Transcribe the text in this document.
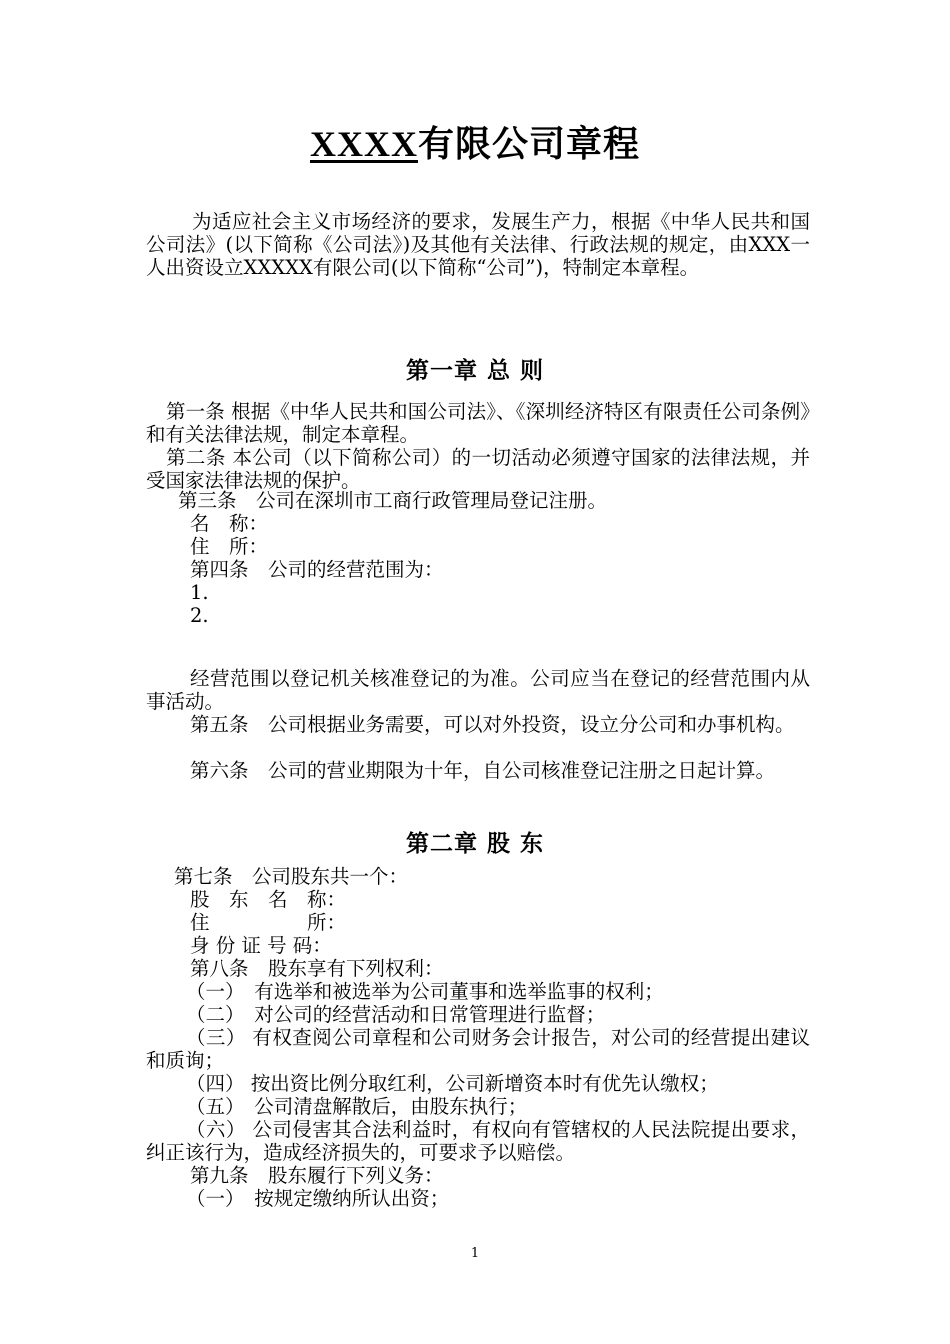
XXXX有限公司章程

为适应社会主义市场经济的要求，发展生产力，根据《中华人民共和国公司法》(以下简称《公司法》)及其他有关法律、行政法规的规定，由XXX一人出资设立XXXXX有限公司(以下简称“公司”)，特制定本章程。

第一章 总 则

第一条 根据《中华人民共和国公司法》、《深圳经济特区有限责任公司条例》和有关法律法规，制定本章程。

第二条 本公司（以下简称公司）的一切活动必须遵守国家的法律法规，并受国家法律法规的保护。

第三条　公司在深圳市工商行政管理局登记注册。

名　称：

住　所：

第四条　公司的经营范围为：

1.

2.

经营范围以登记机关核准登记的为准。公司应当在登记的经营范围内从事活动。

第五条　公司根据业务需要，可以对外投资，设立分公司和办事机构。

第六条　公司的营业期限为十年，自公司核准登记注册之日起计算。

第二章 股 东

第七条　公司股东共一个：

股　东　名　称：

住　　　　　所：

身 份 证 号 码：

第八条　股东享有下列权利：

（一）　有选举和被选举为公司董事和选举监事的权利；

（二）　对公司的经营活动和日常管理进行监督；

（三） 有权查阅公司章程和公司财务会计报告，对公司的经营提出建议和质询；

（四） 按出资比例分取红利，公司新增资本时有优先认缴权；

（五）　公司清盘解散后，由股东执行；

（六） 公司侵害其合法利益时，有权向有管辖权的人民法院提出要求，纠正该行为，造成经济损失的，可要求予以赔偿。

第九条　股东履行下列义务：

（一）　按规定缴纳所认出资；

1
